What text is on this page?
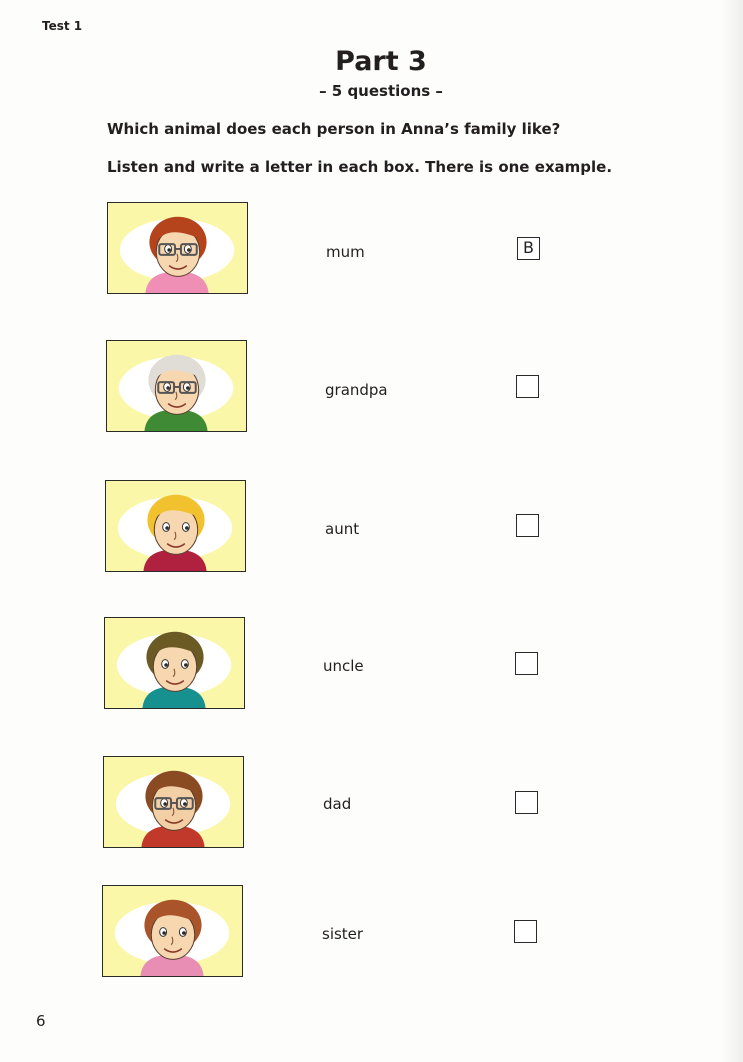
Test 1
Part 3
– 5 questions –
Which animal does each person in Anna’s family like?
Listen and write a letter in each box. There is one example.
mum	B
grandpa
aunt
uncle
dad
sister
6
